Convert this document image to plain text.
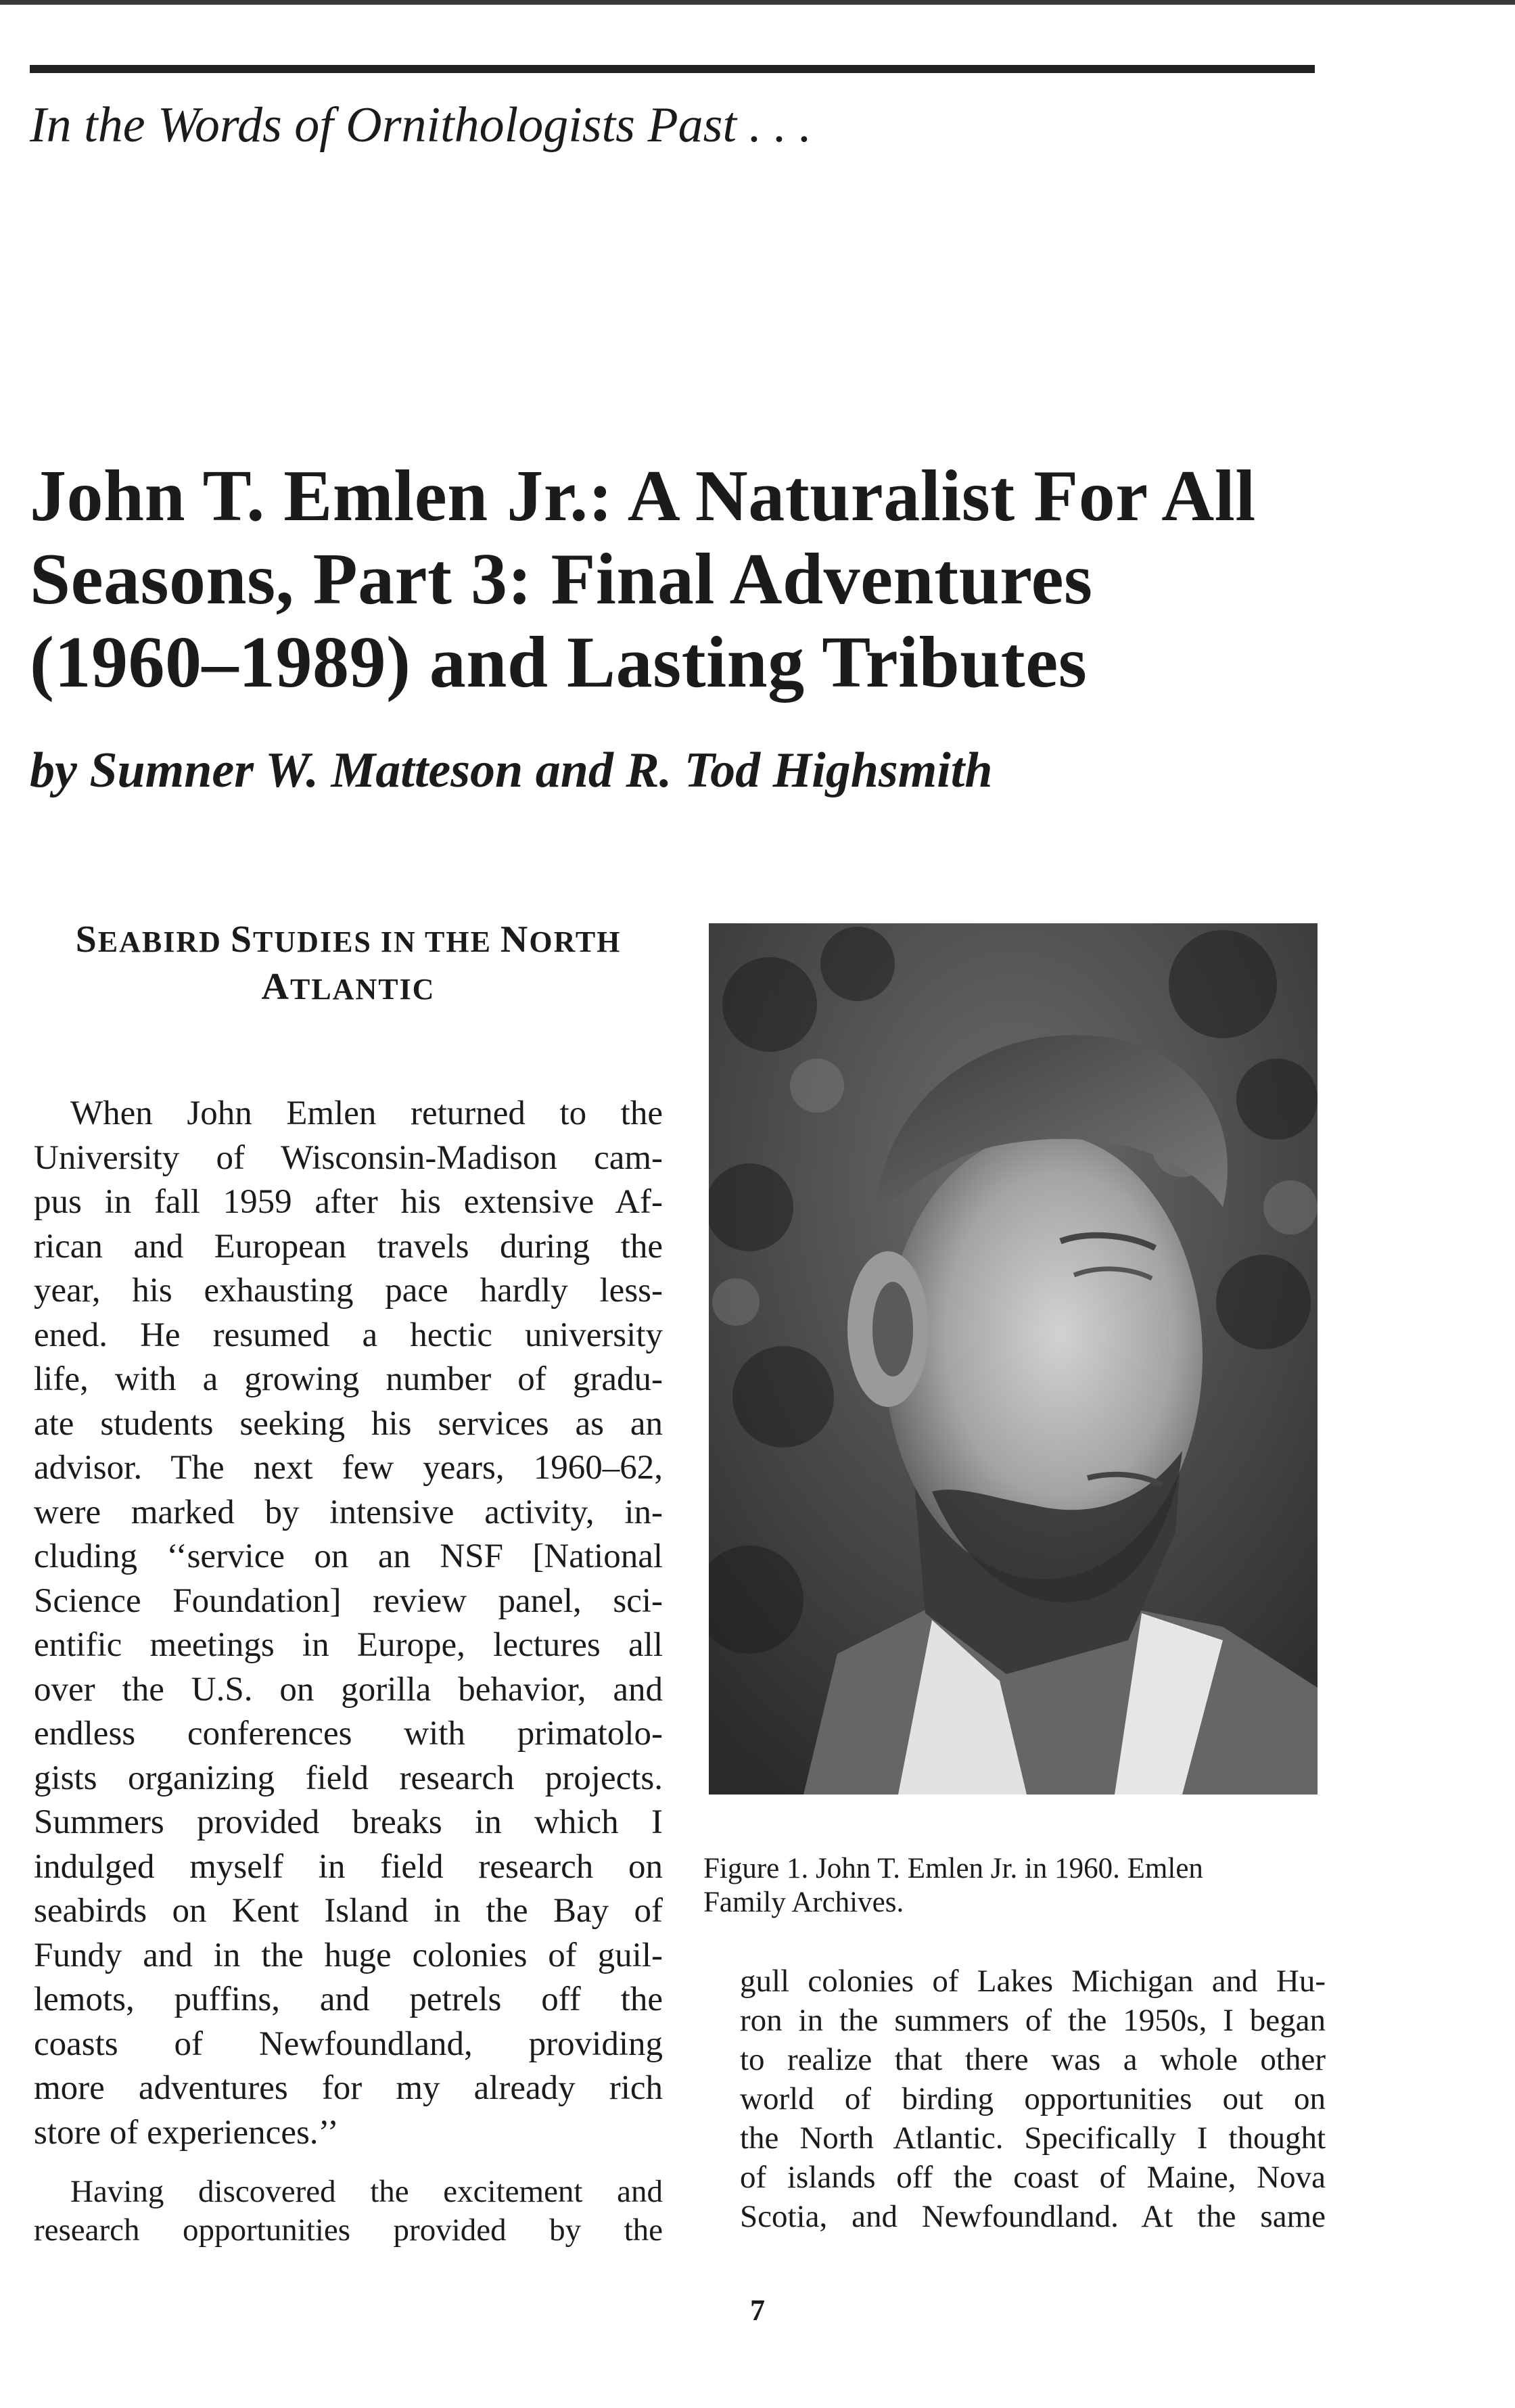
In the Words of Ornithologists Past . . .
John T. Emlen Jr.: A Naturalist For All
Seasons, Part 3: Final Adventures
(1960–1989) and Lasting Tributes

by Sumner W. Matteson and R. Tod Highsmith

SEABIRD STUDIES IN THE NORTH
ATLANTIC
When John Emlen returned to the
University of Wisconsin-Madison cam-
pus in fall 1959 after his extensive Af-
rican and European travels during the
year, his exhausting pace hardly less-
ened. He resumed a hectic university
life, with a growing number of gradu-
ate students seeking his services as an
advisor. The next few years, 1960–62,
were marked by intensive activity, in-
cluding ‘‘service on an NSF [National
Science Foundation] review panel, sci-
entific meetings in Europe, lectures all
over the U.S. on gorilla behavior, and
endless conferences with primatolo-
gists organizing field research projects.
Summers provided breaks in which I
indulged myself in field research on
seabirds on Kent Island in the Bay of
Fundy and in the huge colonies of guil-
lemots, puffins, and petrels off the
coasts of Newfoundland, providing
more adventures for my already rich
store of experiences.’’
Having discovered the excitement and
research opportunities provided by the

Figure 1. John T. Emlen Jr. in 1960. Emlen
Family Archives.

gull colonies of Lakes Michigan and Hu-
ron in the summers of the 1950s, I began
to realize that there was a whole other
world of birding opportunities out on
the North Atlantic. Specifically I thought
of islands off the coast of Maine, Nova
Scotia, and Newfoundland. At the same
7
